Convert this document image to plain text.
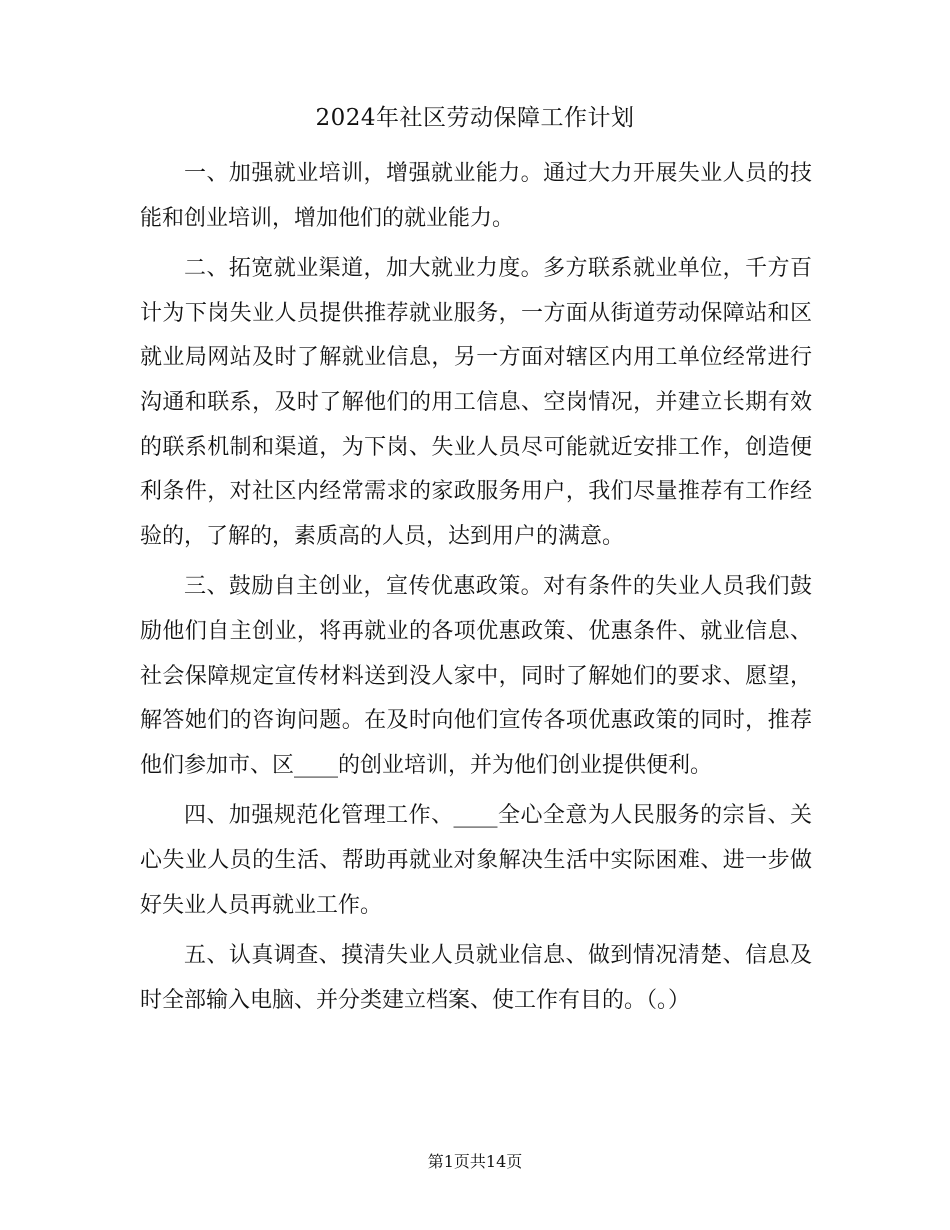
2024年社区劳动保障工作计划

一、加强就业培训，增强就业能力。通过大力开展失业人员的技能和创业培训，增加他们的就业能力。

二、拓宽就业渠道，加大就业力度。多方联系就业单位，千方百计为下岗失业人员提供推荐就业服务，一方面从街道劳动保障站和区就业局网站及时了解就业信息，另一方面对辖区内用工单位经常进行沟通和联系，及时了解他们的用工信息、空岗情况，并建立长期有效的联系机制和渠道，为下岗、失业人员尽可能就近安排工作，创造便利条件，对社区内经常需求的家政服务用户，我们尽量推荐有工作经验的，了解的，素质高的人员，达到用户的满意。

三、鼓励自主创业，宣传优惠政策。对有条件的失业人员我们鼓励他们自主创业，将再就业的各项优惠政策、优惠条件、就业信息、社会保障规定宣传材料送到没人家中，同时了解她们的要求、愿望，解答她们的咨询问题。在及时向他们宣传各项优惠政策的同时，推荐他们参加市、区____的创业培训，并为他们创业提供便利。

四、加强规范化管理工作、____全心全意为人民服务的宗旨、关心失业人员的生活、帮助再就业对象解决生活中实际困难、进一步做好失业人员再就业工作。

五、认真调查、摸清失业人员就业信息、做到情况清楚、信息及时全部输入电脑、并分类建立档案、使工作有目的。（。）

第1页共14页
